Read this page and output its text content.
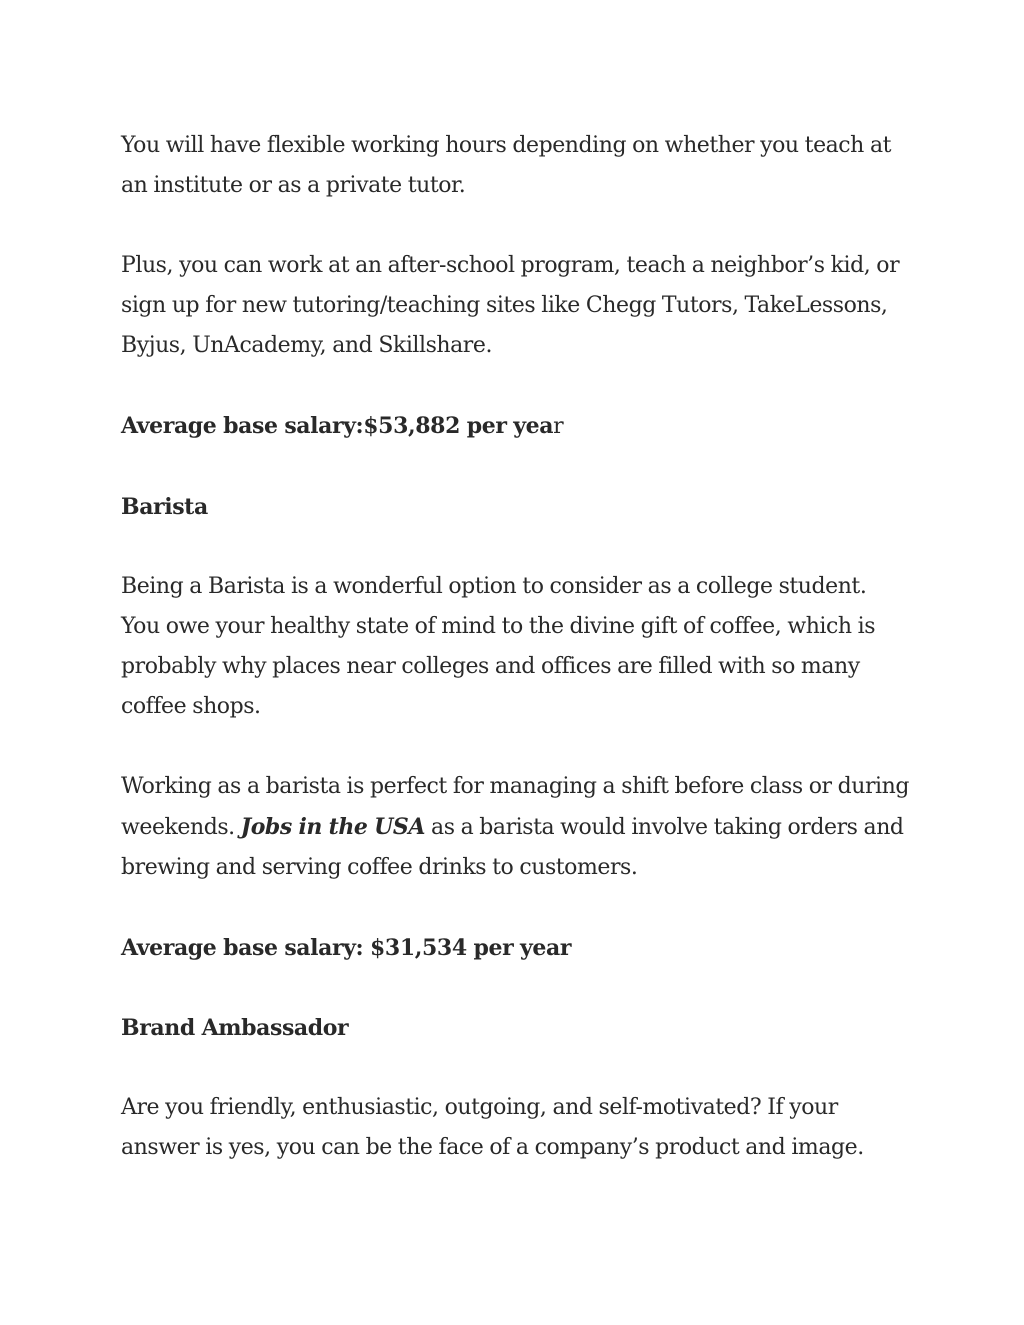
You will have flexible working hours depending on whether you teach at an institute or as a private tutor.

Plus, you can work at an after-school program, teach a neighbor’s kid, or sign up for new tutoring/teaching sites like Chegg Tutors, TakeLessons, Byjus, UnAcademy, and Skillshare.

Average base salary:$53,882 per year

Barista

Being a Barista is a wonderful option to consider as a college student. You owe your healthy state of mind to the divine gift of coffee, which is probably why places near colleges and offices are filled with so many coffee shops.

Working as a barista is perfect for managing a shift before class or during weekends. Jobs in the USA as a barista would involve taking orders and brewing and serving coffee drinks to customers.

Average base salary: $31,534 per year

Brand Ambassador

Are you friendly, enthusiastic, outgoing, and self-motivated? If your answer is yes, you can be the face of a company’s product and image.
